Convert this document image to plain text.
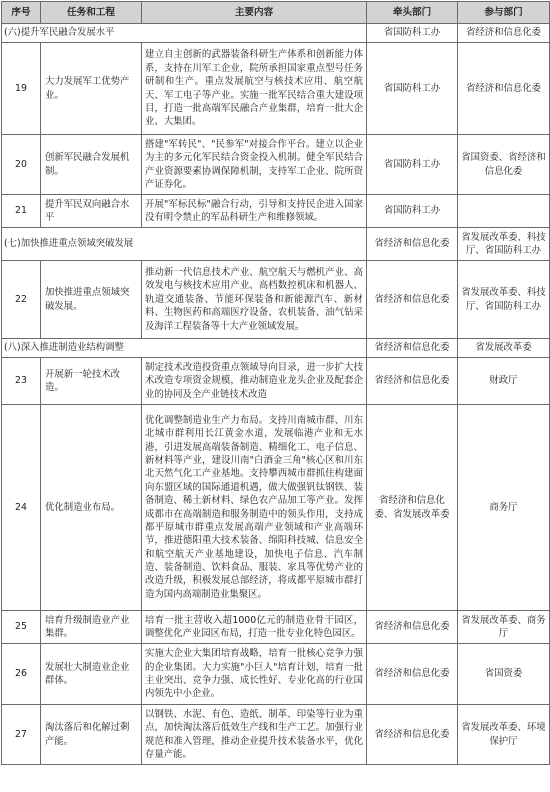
序号	任务和工程	主要内容	牵头部门	参与部门
(六)提升军民融合发展水平			省国防科工办	省经济和信息化委
19	大力发展军工优势产业。	建立自主创新的武器装备科研生产体系和创新能力体系，支持在川军工企业，院所承担国家重点型号任务研制和生产。重点发展航空与核技术应用、航空航天、军工电子等产业。实施一批军民结合重大建设项目，打造一批高端军民融合产业集群，培育一批大企业、大集团。	省国防科工办	省经济和信息化委
20	创新军民融合发展机制。	搭建"军转民"、"民参军"对接合作平台。建立以企业为主的多元化军民结合资金投入机制。健全军民结合产业资源要素协调保障机制，支持军工企业、院所资产证券化。	省国防科工办	省国资委、省经济和信息化委
21	提升军民双向融合水平	开展"军标民标"融合行动，引导和支持民企进入国家没有明令禁止的军品科研生产和维修领域。	省国防科工办	
(七)加快推进重点领域突破发展			省经济和信息化委	省发展改革委、科技厅、省国防科工办
22	加快推进重点领域突破发展。	推动新一代信息技术产业、航空航天与燃机产业、高效发电与核技术应用产业、高档数控机床和机器人、轨道交通装备、节能环保装备和新能源汽车、新材料、生物医药和高端医疗设备、农机装备、油气钻采及海洋工程装备等十大产业领域发展。	省经济和信息化委	省发展改革委、科技厅、省国防科工办
(八)深入推进制造业结构调整			省经济和信息化委	省发展改革委
23	开展新一轮技术改造。	制定技术改造投资重点领域导向目录，进一步扩大技术改造专项资金规模，推动制造业龙头企业及配套企业的协同及全产业链技术改造	省经济和信息化委	财政厅
24	优化制造业布局。	优化调整制造业生产力布局。支持川南城市群、川东北城市群利用长江黄金水道，发展临港产业和无水港，引进发展高端装备制造、精细化工、电子信息、新材料等产业，建设川南"白酒金三角"核心区和川东北天然气化工产业基地。支持攀西城市群抓住构建面向东盟区域的国际通道机遇，做大做强钒钛钢铁、装备制造、稀土新材料、绿色农产品加工等产业。发挥成都市在高端制造和服务制造中的领头作用，支持成都平原城市群重点发展高端产业领域和产业高端环节，推进德阳重大技术装备、绵阳科技城、信息安全和航空航天产业基地建设，加快电子信息、汽车制造、装备制造、饮料食品、服装、家具等优势产业的改造升级，积极发展总部经济，将成都平原城市群打造为国内高端制造业集聚区。	省经济和信息化委、省发展改革委	商务厅
25	培育升级制造业产业集群。	培育一批主营收入超1000亿元的制造业骨干园区，调整优化产业园区布局，打造一批专业化特色园区。	省经济和信息化委	省发展改革委、商务厅
26	发展壮大制造业企业群体。	实施大企业大集团培育战略，培育一批核心竞争力强的企业集团。大力实施"小巨人"培育计划，培育一批主业突出、竞争力强、成长性好、专业化高的行业国内领先中小企业。	省经济和信息化委	省国资委
27	淘汰落后和化解过剩产能。	以钢铁、水泥、有色、造纸、制革、印染等行业为重点，加快淘汰落后低效生产线和生产工艺。加强行业规范和准入管理，推动企业提升技术装备水平，优化存量产能。	省经济和信息化委	省发展改革委、环境保护厅
